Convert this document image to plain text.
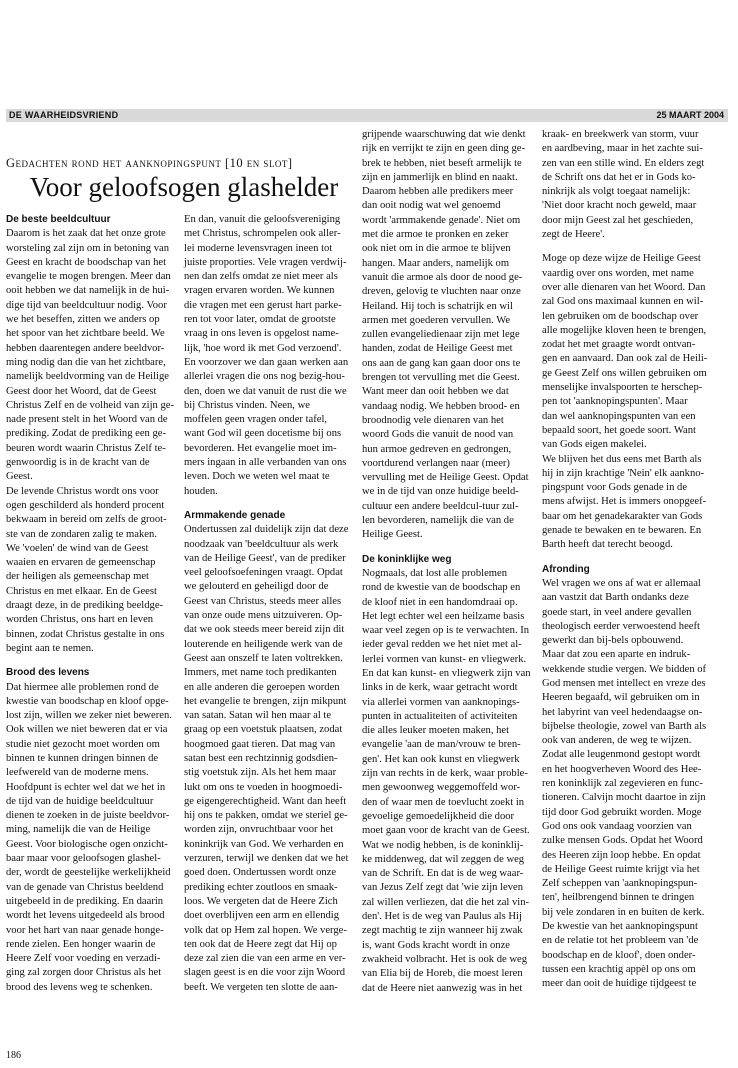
DE WAARHEIDSVRIEND	25 MAART 2004
Gedachten rond het aanknopingspunt [10 en slot]
Voor geloofsogen glashelder

De beste beeldcultuur

Daarom is het zaak dat het onze grote
worsteling zal zijn om in betoning van
Geest en kracht de boodschap van het
evangelie te mogen brengen. Meer dan
ooit hebben we dat namelijk in de hui-
dige tijd van beeldcultuur nodig. Voor
we het beseffen, zitten we anders op
het spoor van het zichtbare beeld. We
hebben daarentegen andere beeldvor-
ming nodig dan die van het zichtbare,
namelijk beeldvorming van de Heilige
Geest door het Woord, dat de Geest
Christus Zelf en de volheid van zijn ge-
nade present stelt in het Woord van de
prediking. Zodat de prediking een ge-
beuren wordt waarin Christus Zelf te-
genwoordig is in de kracht van de
Geest.

De levende Christus wordt ons voor
ogen geschilderd als honderd procent
bekwaam in bereid om zelfs de groot-
ste van de zondaren zalig te maken.
We 'voelen' de wind van de Geest
waaien en ervaren de gemeenschap
der heiligen als gemeenschap met
Christus en met elkaar. En de Geest
draagt deze, in de prediking beeldge-
worden Christus, ons hart en leven
binnen, zodat Christus gestalte in ons
begint aan te nemen.

Brood des levens

Dat hiermee alle problemen rond de
kwestie van boodschap en kloof opge-
lost zijn, willen we zeker niet beweren.
Ook willen we niet beweren dat er via
studie niet gezocht moet worden om
binnen te kunnen dringen binnen de
leefwereld van de moderne mens.
Hoofdpunt is echter wel dat we het in
de tijd van de huidige beeldcultuur
dienen te zoeken in de juiste beeldvor-
ming, namelijk die van de Heilige
Geest. Voor biologische ogen onzicht-
baar maar voor geloofsogen glashel-
der, wordt de geestelijke werkelijkheid
van de genade van Christus beeldend
uitgebeeld in de prediking. En daarin
wordt het levens uitgedeeld als brood
voor het hart van naar genade honge-
rende zielen. Een honger waarin de
Heere Zelf voor voeding en verzadi-
ging zal zorgen door Christus als het
brood des levens weg te schenken.

En dan, vanuit die geloofsvereniging
met Christus, schrompelen ook aller-
lei moderne levensvragen ineen tot
juiste proporties. Vele vragen verdwij-
nen dan zelfs omdat ze niet meer als
vragen ervaren worden. We kunnen
die vragen met een gerust hart parke-
ren tot voor later, omdat de grootste
vraag in ons leven is opgelost name-
lijk, 'hoe word ik met God verzoend'.
En voorzover we dan gaan werken aan
allerlei vragen die ons nog bezig-hou-
den, doen we dat vanuit de rust die we
bij Christus vinden. Neen, we
moffelen geen vragen onder tafel,
want God wil geen docetisme bij ons
bevorderen. Het evangelie moet im-
mers ingaan in alle verbanden van ons
leven. Doch we weten wel maat te
houden.

Armmakende genade

Ondertussen zal duidelijk zijn dat deze
noodzaak van 'beeldcultuur als werk
van de Heilige Geest', van de prediker
veel geloofsoefeningen vraagt. Opdat
we gelouterd en geheiligd door de
Geest van Christus, steeds meer alles
van onze oude mens uitzuiveren. Op-
dat we ook steeds meer bereid zijn dit
louterende en heiligende werk van de
Geest aan onszelf te laten voltrekken.
Immers, met name toch predikanten
en alle anderen die geroepen worden
het evangelie te brengen, zijn mikpunt
van satan. Satan wil hen maar al te
graag op een voetstuk plaatsen, zodat
hoogmoed gaat tieren. Dat mag van
satan best een rechtzinnig godsdien-
stig voetstuk zijn. Als het hem maar
lukt om ons te voeden in hoogmoedi-
ge eigengerechtigheid. Want dan heeft
hij ons te pakken, omdat we steriel ge-
worden zijn, onvruchtbaar voor het
koninkrijk van God. We verharden en
verzuren, terwijl we denken dat we het
goed doen. Ondertussen wordt onze
prediking echter zoutloos en smaak-
loos. We vergeten dat de Heere Zich
doet overblijven een arm en ellendig
volk dat op Hem zal hopen. We verge-
ten ook dat de Heere zegt dat Hij op
deze zal zien die van een arme en ver-
slagen geest is en die voor zijn Woord
beeft. We vergeten ten slotte de aan-

grijpende waarschuwing dat wie denkt
rijk en verrijkt te zijn en geen ding ge-
brek te hebben, niet beseft armelijk te
zijn en jammerlijk en blind en naakt.
Daarom hebben alle predikers meer
dan ooit nodig wat wel genoemd
wordt 'armmakende genade'. Niet om
met die armoe te pronken en zeker
ook niet om in die armoe te blijven
hangen. Maar anders, namelijk om
vanuit die armoe als door de nood ge-
dreven, gelovig te vluchten naar onze
Heiland. Hij toch is schatrijk en wil
armen met goederen vervullen. We
zullen evangeliedienaar zijn met lege
handen, zodat de Heilige Geest met
ons aan de gang kan gaan door ons te
brengen tot vervulling met die Geest.
Want meer dan ooit hebben we dat
vandaag nodig. We hebben brood- en
broodnodig vele dienaren van het
woord Gods die vanuit de nood van
hun armoe gedreven en gedrongen,
voortdurend verlangen naar (meer)
vervulling met de Heilige Geest. Opdat
we in de tijd van onze huidige beeld-
cultuur een andere beeldcul-tuur zul-
len bevorderen, namelijk die van de
Heilige Geest.

De koninklijke weg

Nogmaals, dat lost alle problemen
rond de kwestie van de boodschap en
de kloof niet in een handomdraai op.
Het legt echter wel een heilzame basis
waar veel zegen op is te verwachten. In
ieder geval redden we het niet met al-
lerlei vormen van kunst- en vliegwerk.
En dat kan kunst- en vliegwerk zijn van
links in de kerk, waar getracht wordt
via allerlei vormen van aanknopings-
punten in actualiteiten of activiteiten
die alles leuker moeten maken, het
evangelie 'aan de man/vrouw te bren-
gen'. Het kan ook kunst en vliegwerk
zijn van rechts in de kerk, waar proble-
men gewoonweg weggemoffeld wor-
den of waar men de toevlucht zoekt in
gevoelige gemoedelijkheid die door
moet gaan voor de kracht van de Geest.
Wat we nodig hebben, is de koninklij-
ke middenweg, dat wil zeggen de weg
van de Schrift. En dat is de weg waar-
van Jezus Zelf zegt dat 'wie zijn leven
zal willen verliezen, dat die het zal vin-
den'. Het is de weg van Paulus als Hij
zegt machtig te zijn wanneer hij zwak
is, want Gods kracht wordt in onze
zwakheid volbracht. Het is ook de weg
van Elia bij de Horeb, die moest leren
dat de Heere niet aanwezig was in het

kraak- en breekwerk van storm, vuur
en aardbeving, maar in het zachte sui-
zen van een stille wind. En elders zegt
de Schrift ons dat het er in Gods ko-
ninkrijk als volgt toegaat namelijk:
'Niet door kracht noch geweld, maar
door mijn Geest zal het geschieden,
zegt de Heere'.

Moge op deze wijze de Heilige Geest
vaardig over ons worden, met name
over alle dienaren van het Woord. Dan
zal God ons maximaal kunnen en wil-
len gebruiken om de boodschap over
alle mogelijke kloven heen te brengen,
zodat het met graagte wordt ontvan-
gen en aanvaard. Dan ook zal de Heili-
ge Geest Zelf ons willen gebruiken om
menselijke invalspoorten te herschep-
pen tot 'aanknopingspunten'. Maar
dan wel aanknopingspunten van een
bepaald soort, het goede soort. Want
van Gods eigen makelei.

We blijven het dus eens met Barth als
hij in zijn krachtige 'Nein' elk aankno-
pingspunt voor Gods genade in de
mens afwijst. Het is immers onopgeef-
baar om het genadekarakter van Gods
genade te bewaken en te bewaren. En
Barth heeft dat terecht beoogd.

Afronding

Wel vragen we ons af wat er allemaal
aan vastzit dat Barth ondanks deze
goede start, in veel andere gevallen
theologisch eerder verwoestend heeft
gewerkt dan bij-bels opbouwend.
Maar dat zou een aparte en indruk-
wekkende studie vergen. We bidden of
God mensen met intellect en vreze des
Heeren begaafd, wil gebruiken om in
het labyrint van veel hedendaagse on-
bijbelse theologie, zowel van Barth als
ook van anderen, de weg te wijzen.
Zodat alle leugenmond gestopt wordt
en het hoogverheven Woord des Hee-
ren koninklijk zal zegevieren en func-
tioneren. Calvijn mocht daartoe in zijn
tijd door God gebruikt worden. Moge
God ons ook vandaag voorzien van
zulke mensen Gods. Opdat het Woord
des Heeren zijn loop hebbe. En opdat
de Heilige Geest ruimte krijgt via het
Zelf scheppen van 'aanknopingspun-
ten', heilbrengend binnen te dringen
bij vele zondaren in en buiten de kerk.
De kwestie van het aanknopingspunt
en de relatie tot het probleem van 'de
boodschap en de kloof', doen onder-
tussen een krachtig appèl op ons om
meer dan ooit de huidige tijdgeest te

186
